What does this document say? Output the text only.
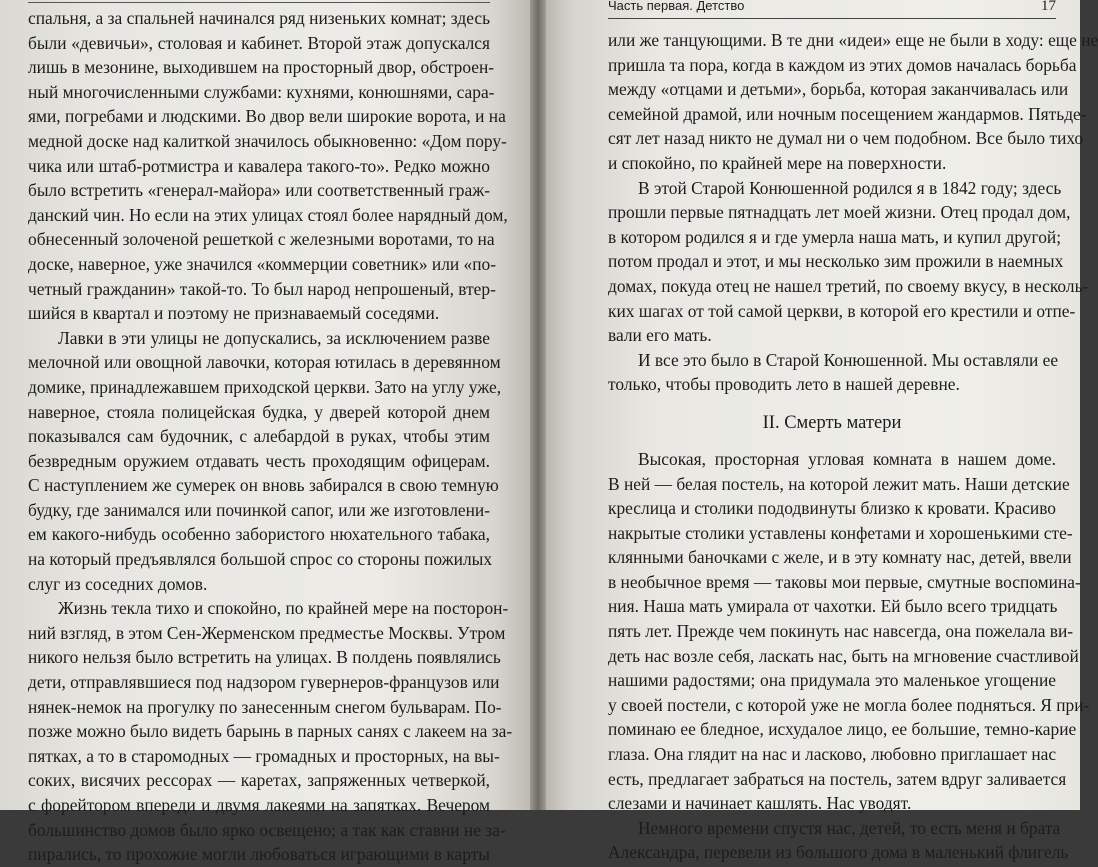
спальня, а за спальней начинался ряд низеньких комнат; здесь
были «девичьи», столовая и кабинет. Второй этаж допускался
лишь в мезонине, выходившем на просторный двор, обстроен-
ный многочисленными службами: кухнями, конюшнями, сара-
ями, погребами и людскими. Во двор вели широкие ворота, и на
медной доске над калиткой значилось обыкновенно: «Дом пору-
чика или штаб-ротмистра и кавалера такого-то». Редко можно
было встретить «генерал-майора» или соответственный граж-
данский чин. Но если на этих улицах стоял более нарядный дом,
обнесенный золоченой решеткой с железными воротами, то на
доске, наверное, уже значился «коммерции советник» или «по-
четный гражданин» такой-то. То был народ непрошеный, втер-
шийся в квартал и поэтому не признаваемый соседями.
Лавки в эти улицы не допускались, за исключением разве
мелочной или овощной лавочки, которая ютилась в деревянном
домике, принадлежавшем приходской церкви. Зато на углу уже,
наверное, стояла полицейская будка, у дверей которой днем
показывался сам будочник, с алебардой в руках, чтобы этим
безвредным оружием отдавать честь проходящим офицерам.
С наступлением же сумерек он вновь забирался в свою темную
будку, где занимался или починкой сапог, или же изготовлени-
ем какого-нибудь особенно забористого нюхательного табака,
на который предъявлялся большой спрос со стороны пожилых
слуг из соседних домов.
Жизнь текла тихо и спокойно, по крайней мере на посторон-
ний взгляд, в этом Сен-Жерменском предместье Москвы. Утром
никого нельзя было встретить на улицах. В полдень появлялись
дети, отправлявшиеся под надзором гувернеров-французов или
нянек-немок на прогулку по занесенным снегом бульварам. По-
позже можно было видеть барынь в парных санях с лакеем на за-
пятках, а то в старомодных — громадных и просторных, на вы-
соких, висячих рессорах — каретах, запряженных четверкой,
с форейтором впереди и двумя лакеями на запятках. Вечером
большинство домов было ярко освещено; а так как ставни не за-
пирались, то прохожие могли любоваться играющими в карты
Часть первая. Детство	17
или же танцующими. В те дни «идеи» еще не были в ходу: еще не
пришла та пора, когда в каждом из этих домов началась борьба
между «отцами и детьми», борьба, которая заканчивалась или
семейной драмой, или ночным посещением жандармов. Пятьде-
сят лет назад никто не думал ни о чем подобном. Все было тихо
и спокойно, по крайней мере на поверхности.
В этой Старой Конюшенной родился я в 1842 году; здесь
прошли первые пятнадцать лет моей жизни. Отец продал дом,
в котором родился я и где умерла наша мать, и купил другой;
потом продал и этот, и мы несколько зим прожили в наемных
домах, покуда отец не нашел третий, по своему вкусу, в несколь-
ких шагах от той самой церкви, в которой его крестили и отпе-
вали его мать.
И все это было в Старой Конюшенной. Мы оставляли ее
только, чтобы проводить лето в нашей деревне.
II. Смерть матери
Высокая, просторная угловая комната в нашем доме.
В ней — белая постель, на которой лежит мать. Наши детские
креслица и столики пододвинуты близко к кровати. Красиво
накрытые столики уставлены конфетами и хорошенькими сте-
клянными баночками с желе, и в эту комнату нас, детей, ввели
в необычное время — таковы мои первые, смутные воспомина-
ния. Наша мать умирала от чахотки. Ей было всего тридцать
пять лет. Прежде чем покинуть нас навсегда, она пожелала ви-
деть нас возле себя, ласкать нас, быть на мгновение счастливой
нашими радостями; она придумала это маленькое угощение
у своей постели, с которой уже не могла более подняться. Я при-
поминаю ее бледное, исхудалое лицо, ее большие, темно-карие
глаза. Она глядит на нас и ласково, любовно приглашает нас
есть, предлагает забраться на постель, затем вдруг заливается
слезами и начинает кашлять. Нас уводят.
Немного времени спустя нас, детей, то есть меня и брата
Александра, перевели из большого дома в маленький флигель
